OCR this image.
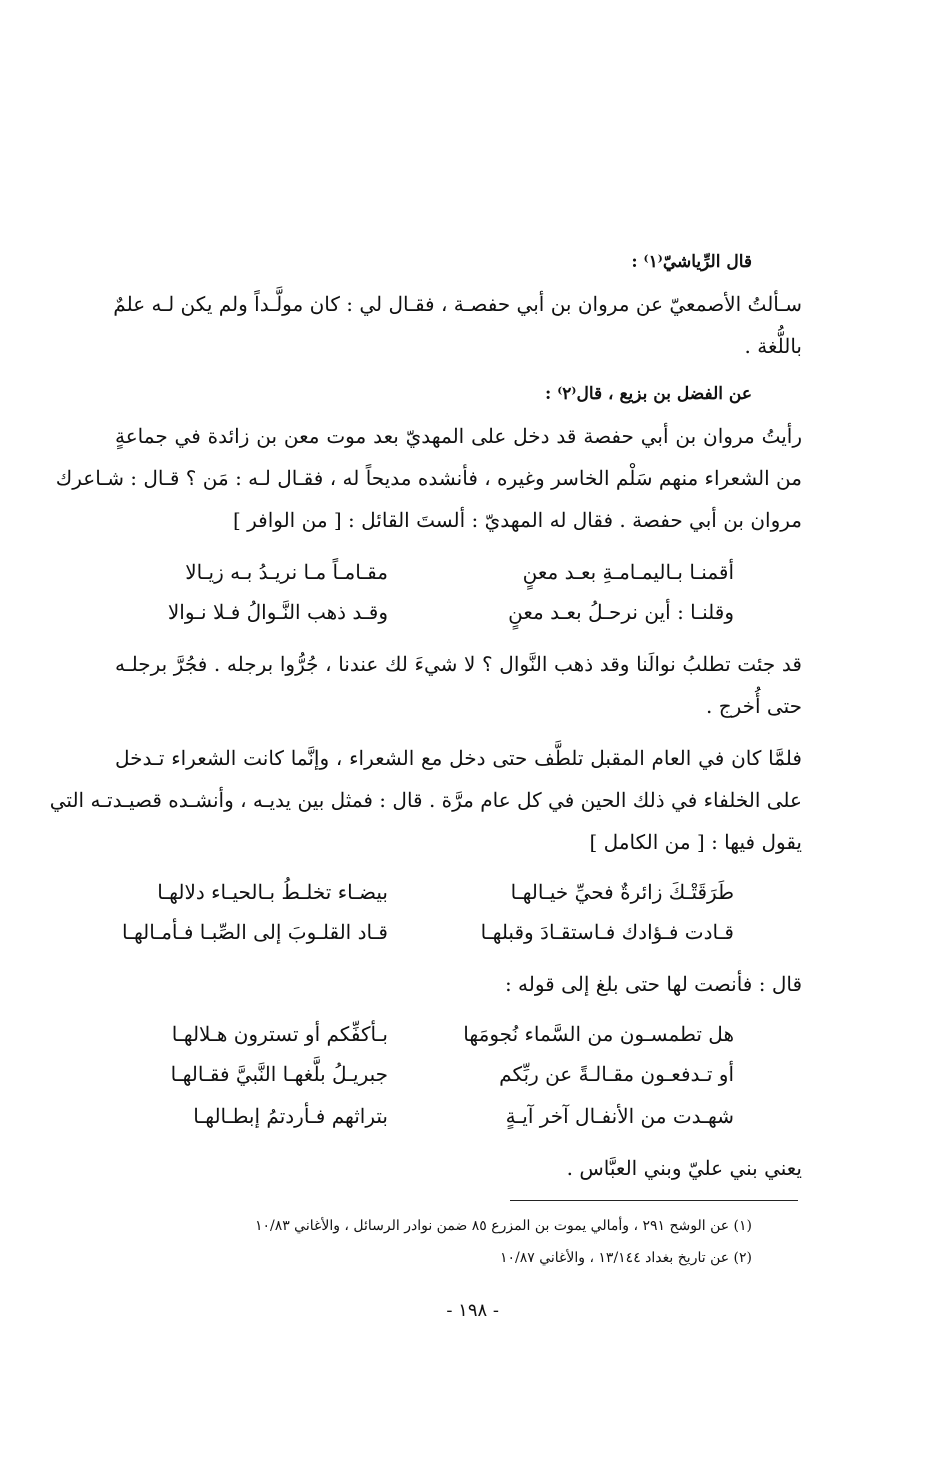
قال الرِّياشيّ⁽١⁾ :
سـألتُ الأصمعيّ عن مروان بن أبي حفصـة ، فقـال لي : كان مولَّـداً ولم يكن لـه علمٌ
باللُّغة .
عن الفضل بن بزيع ، قال⁽٢⁾ :
رأيتُ مروان بن أبي حفصة قد دخل على المهديّ بعد موت معن بن زائدة في جماعةٍ
من الشعراء منهم سَلْم الخاسر وغيره ، فأنشده مديحاً له ، فقـال لـه : مَن ؟ قـال : شـاعرك
مروان بن أبي حفصة . فقال له المهديّ : ألستَ القائل : [ من الوافر ]
أقمنـا بـاليمـامـةِ بعـد معنٍ
مقـامـاً مـا نريـدُ بـه زيـالا
وقلنـا : أين نرحـلُ بعـد معنٍ
وقـد ذهب النَّـوالُ فـلا نـوالا
قد جئت تطلبُ نوالَنا وقد ذهب النَّوال ؟ لا شيءَ لك عندنا ، جُرُّوا برجله . فجُرَّ برجلـه
حتى أُخرج .
فلمَّا كان في العام المقبل تلطَّف حتى دخل مع الشعراء ، وإنَّما كانت الشعراء تـدخل
على الخلفاء في ذلك الحين في كل عام مرَّة . قال : فمثل بين يديـه ، وأنشـده قصيـدتـه التي
يقول فيها : [ من الكامل ]
طَرَقَتْـكَ زائرةٌ فحيِّ خيـالهـا
بيضـاء تخلـطُ بـالحيـاء دلالهـا
قـادت فـؤادك فـاستقـادَ وقبلهـا
قـاد القلـوبَ إلى الصِّبـا فـأمـالهـا
قال : فأنصت لها حتى بلغ إلى قوله :
هل تطمسـون من السَّماء نُجومَها
بـأكفِّكم أو تسترون هـلالهـا
أو تـدفعـون مقـالـةً عن ربِّكم
جبريـلُ بلَّغهـا النَّبيَّ فقـالهـا
شهـدت من الأنفـال آخر آيـةٍ
بتراثهم فـأردتمُ إبطـالهـا
يعني بني عليّ وبني العبَّاس .
(١) عن الوشح ٢٩١ ، وأمالي يموت بن المزرع ٨٥ ضمن نوادر الرسائل ، والأغاني ١٠/٨٣
(٢) عن تاريخ بغداد ١٣/١٤٤ ، والأغاني ١٠/٨٧
- ١٩٨ -
